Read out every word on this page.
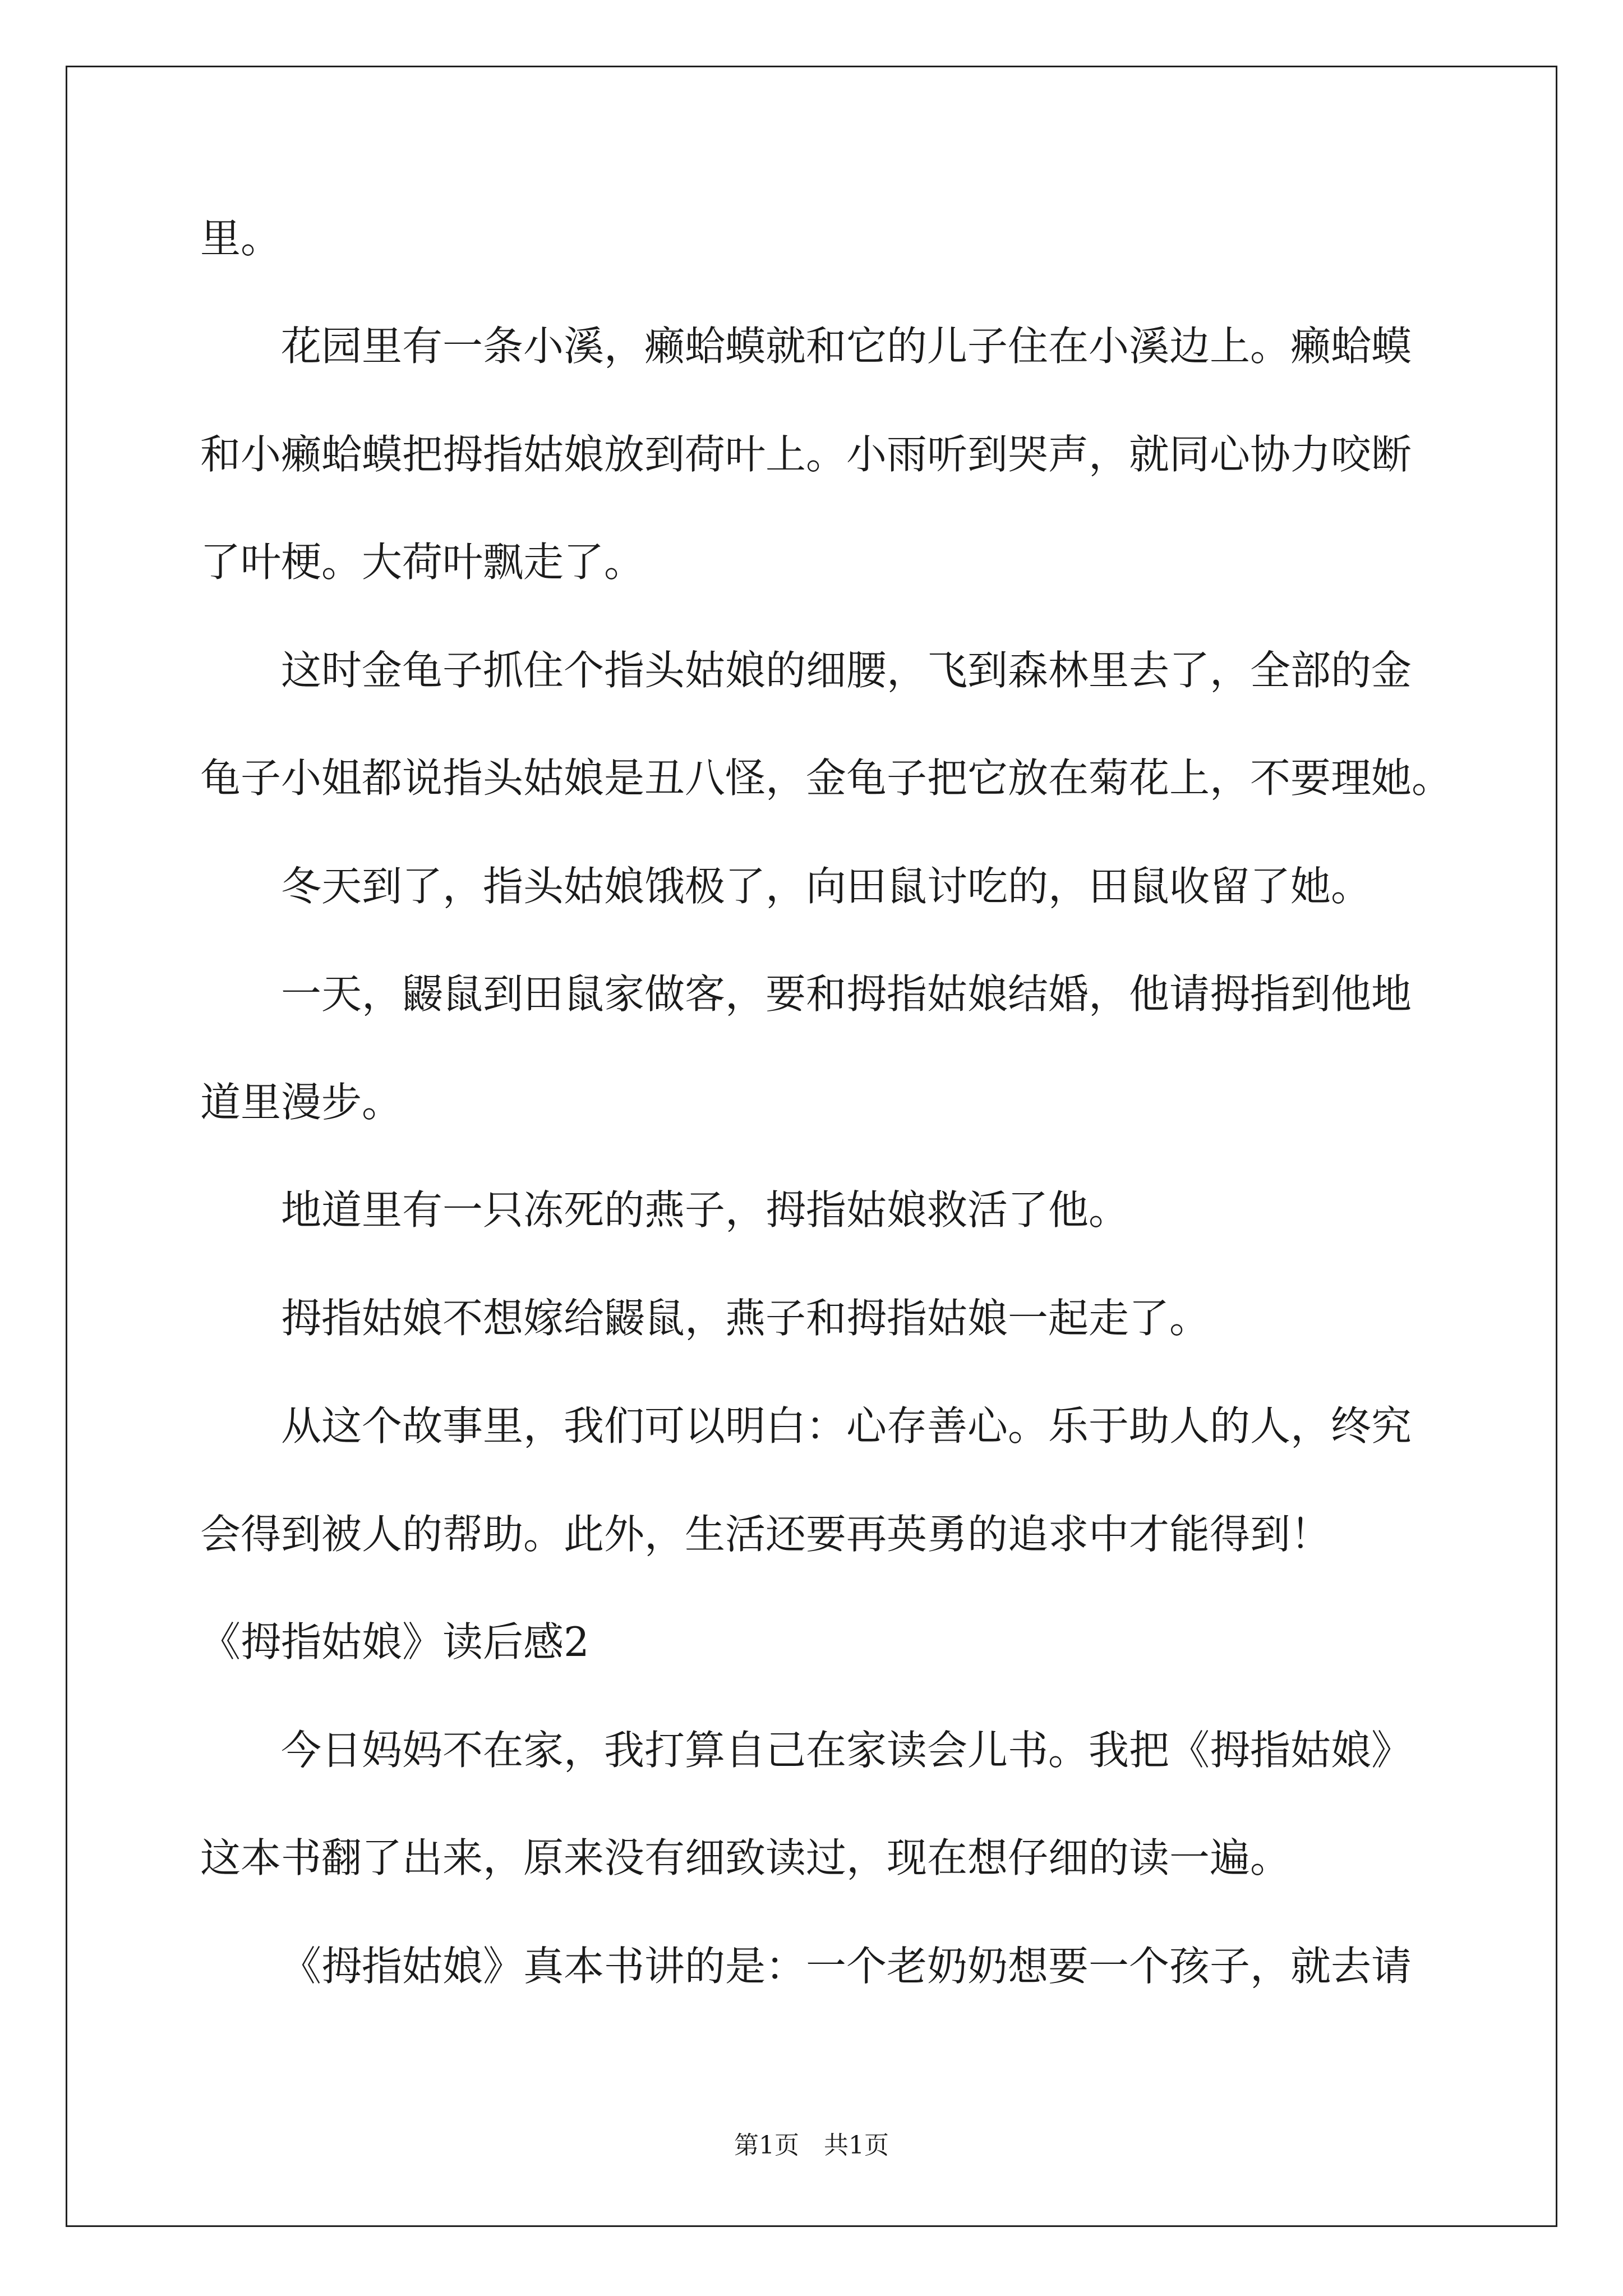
里。
花园里有一条小溪，癞蛤蟆就和它的儿子住在小溪边上。癞蛤蟆
和小癞蛤蟆把拇指姑娘放到荷叶上。小雨听到哭声，就同心协力咬断
了叶梗。大荷叶飘走了。
这时金龟子抓住个指头姑娘的细腰，飞到森林里去了，全部的金
龟子小姐都说指头姑娘是丑八怪，金龟子把它放在菊花上，不要理她。
冬天到了，指头姑娘饿极了，向田鼠讨吃的，田鼠收留了她。
一天，鼹鼠到田鼠家做客，要和拇指姑娘结婚，他请拇指到他地
道里漫步。
地道里有一只冻死的燕子，拇指姑娘救活了他。
拇指姑娘不想嫁给鼹鼠，燕子和拇指姑娘一起走了。
从这个故事里，我们可以明白：心存善心。乐于助人的人，终究
会得到被人的帮助。此外，生活还要再英勇的追求中才能得到！
《拇指姑娘》读后感2
今日妈妈不在家，我打算自己在家读会儿书。我把《拇指姑娘》
这本书翻了出来，原来没有细致读过，现在想仔细的读一遍。
《拇指姑娘》真本书讲的是：一个老奶奶想要一个孩子，就去请
第1页　共1页
